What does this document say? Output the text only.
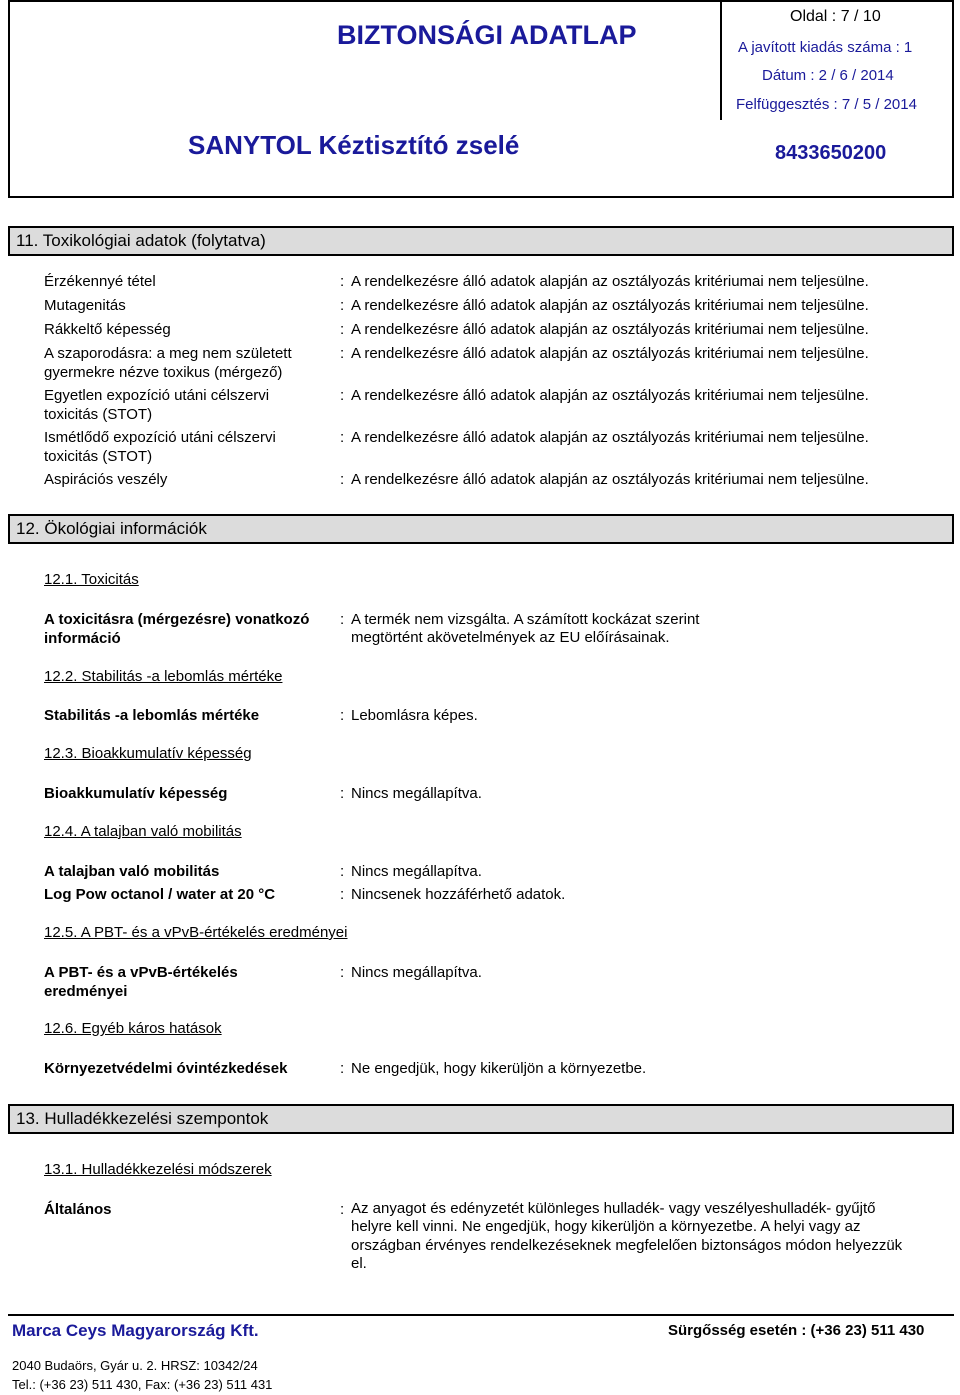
BIZTONSÁGI ADATLAP
Oldal : 7 / 10
A javított kiadás száma : 1
Dátum : 2 / 6 / 2014
Felfüggesztés : 7 / 5 / 2014
SANYTOL Kéztisztító zselé	8433650200
11. Toxikológiai adatok (folytatva)
Érzékennyé tétel	: A rendelkezésre álló adatok alapján az osztályozás kritériumai nem teljesülne.
Mutagenitás	: A rendelkezésre álló adatok alapján az osztályozás kritériumai nem teljesülne.
Rákkeltő képesség	: A rendelkezésre álló adatok alapján az osztályozás kritériumai nem teljesülne.
A szaporodásra: a meg nem született
gyermekre nézve toxikus (mérgező)
: A rendelkezésre álló adatok alapján az osztályozás kritériumai nem teljesülne.
Egyetlen expozíció utáni célszervi
toxicitás (STOT)
: A rendelkezésre álló adatok alapján az osztályozás kritériumai nem teljesülne.
Ismétlődő expozíció utáni célszervi
toxicitás (STOT)
: A rendelkezésre álló adatok alapján az osztályozás kritériumai nem teljesülne.
Aspirációs veszély	: A rendelkezésre álló adatok alapján az osztályozás kritériumai nem teljesülne.
12. Ökológiai információk
12.1. Toxicitás
A toxicitásra (mérgezésre) vonatkozó
információ
: A termék nem vizsgálta. A számított kockázat szerint
megtörtént akövetelmények az EU előírásainak.
12.2. Stabilitás -a lebomlás mértéke
Stabilitás -a lebomlás mértéke	: Lebomlásra képes.
12.3. Bioakkumulatív képesség
Bioakkumulatív képesség	: Nincs megállapítva.
12.4. A talajban való mobilitás
A talajban való mobilitás	: Nincs megállapítva.
Log Pow octanol / water at 20 °C	: Nincsenek hozzáférhető adatok.
12.5. A PBT- és a vPvB-értékelés eredményei
A PBT- és a vPvB-értékelés
eredményei
: Nincs megállapítva.
12.6. Egyéb káros hatások
Környezetvédelmi óvintézkedések	: Ne engedjük, hogy kikerüljön a környezetbe.
13. Hulladékkezelési szempontok
13.1. Hulladékkezelési módszerek
Általános	: Az anyagot és edényzetét különleges hulladék- vagy veszélyeshulladék- gyűjtő
helyre kell vinni. Ne engedjük, hogy kikerüljön a környezetbe. A helyi vagy az
országban érvényes rendelkezéseknek megfelelően biztonságos módon helyezzük
el.
Marca Ceys Magyarország Kft.	Sürgősség esetén : (+36 23) 511 430
2040 Budaörs, Gyár u. 2. HRSZ: 10342/24
Tel.: (+36 23) 511 430, Fax: (+36 23) 511 431
